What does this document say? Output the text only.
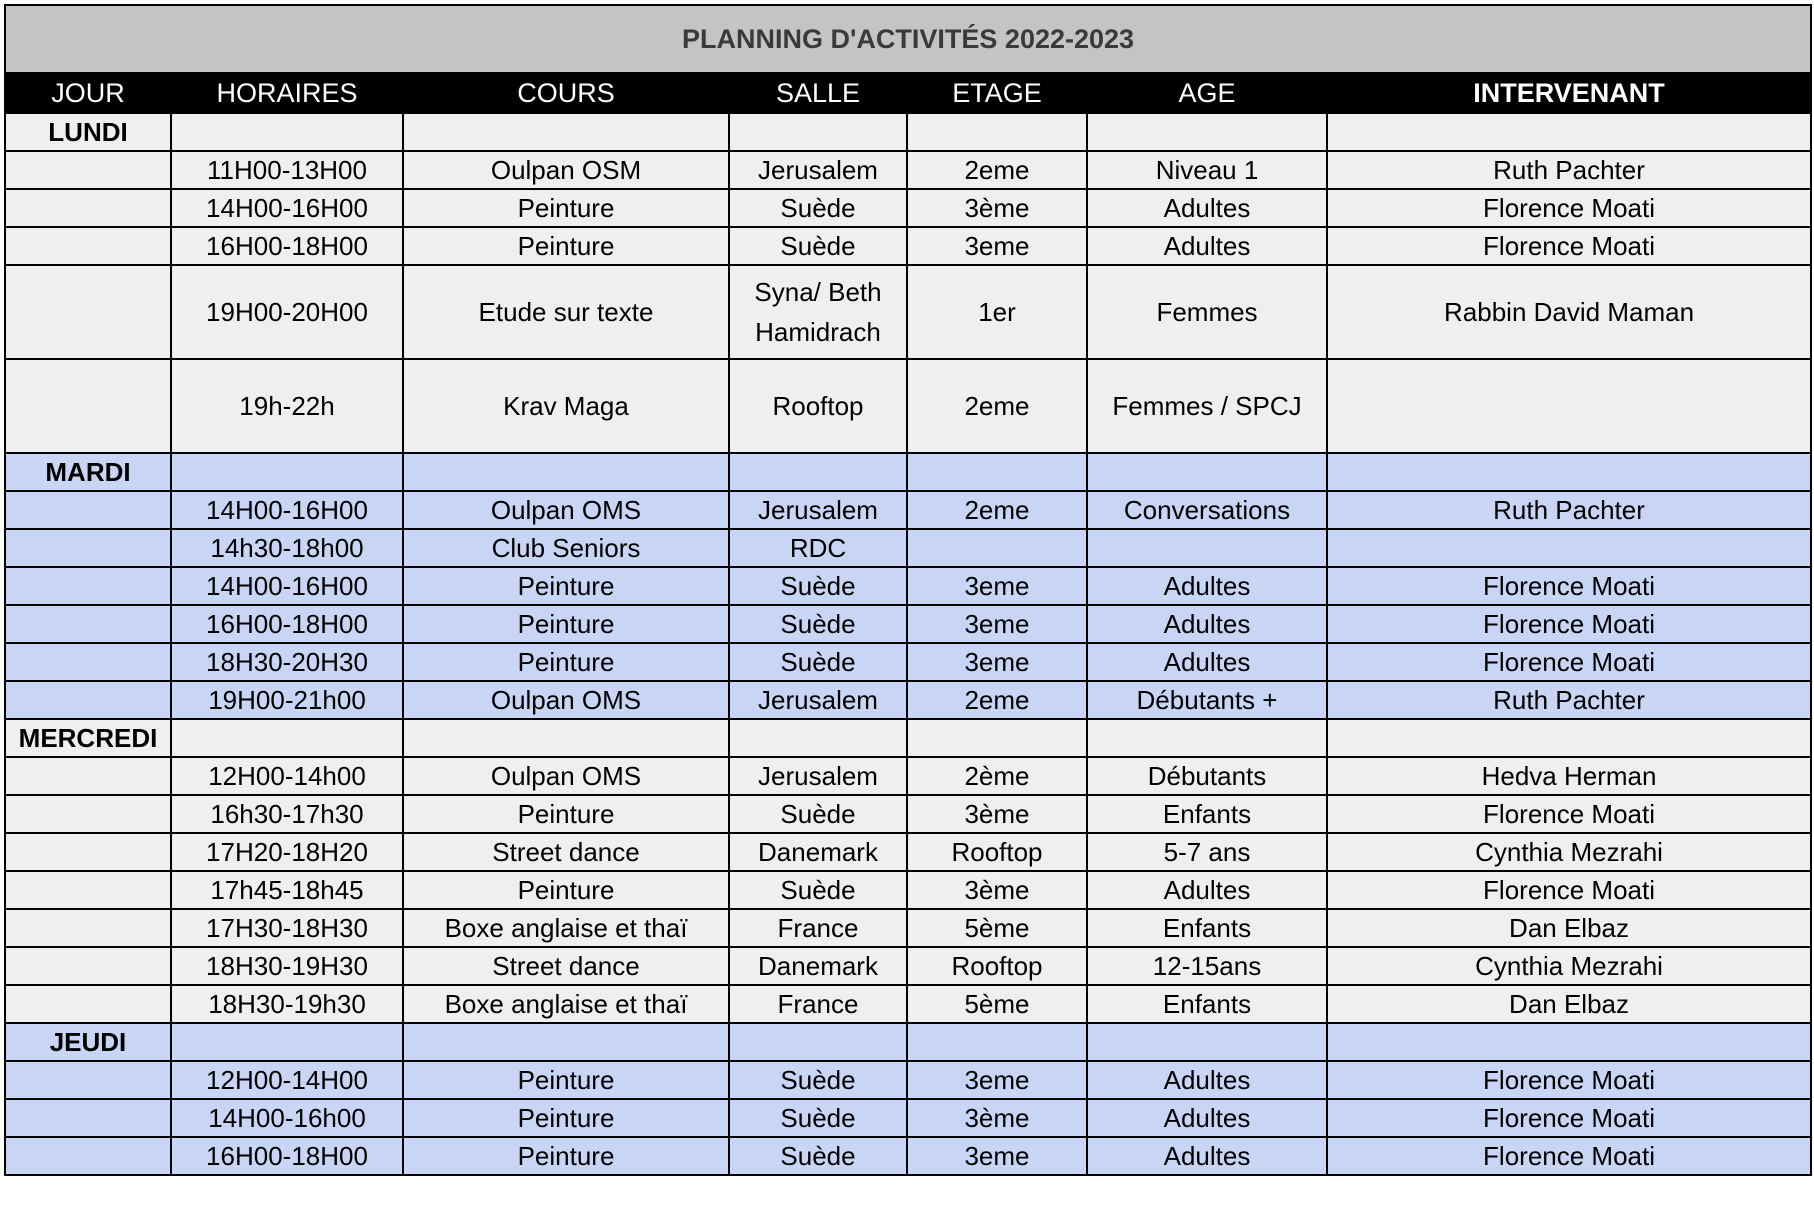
PLANNING D'ACTIVITÉS 2022-2023						
JOUR	HORAIRES	COURS	SALLE	ETAGE	AGE	INTERVENANT
LUNDI						
	11H00-13H00	Oulpan OSM	Jerusalem	2eme	Niveau 1	Ruth Pachter
	14H00-16H00	Peinture	Suède	3ème	Adultes	Florence Moati
	16H00-18H00	Peinture	Suède	3eme	Adultes	Florence Moati
	19H00-20H00	Etude sur texte	Syna/ Beth Hamidrach	1er	Femmes	Rabbin David Maman
	19h-22h	Krav Maga	Rooftop	2eme	Femmes / SPCJ	
MARDI						
	14H00-16H00	Oulpan OMS	Jerusalem	2eme	Conversations	Ruth Pachter
	14h30-18h00	Club Seniors	RDC			
	14H00-16H00	Peinture	Suède	3eme	Adultes	Florence Moati
	16H00-18H00	Peinture	Suède	3eme	Adultes	Florence Moati
	18H30-20H30	Peinture	Suède	3eme	Adultes	Florence Moati
	19H00-21h00	Oulpan OMS	Jerusalem	2eme	Débutants +	Ruth Pachter
MERCREDI						
	12H00-14h00	Oulpan OMS	Jerusalem	2ème	Débutants	Hedva Herman
	16h30-17h30	Peinture	Suède	3ème	Enfants	Florence Moati
	17H20-18H20	Street dance	Danemark	Rooftop	5-7 ans	Cynthia Mezrahi
	17h45-18h45	Peinture	Suède	3ème	Adultes	Florence Moati
	17H30-18H30	Boxe anglaise et thaï	France	5ème	Enfants	Dan Elbaz
	18H30-19H30	Street dance	Danemark	Rooftop	12-15ans	Cynthia Mezrahi
	18H30-19h30	Boxe anglaise et thaï	France	5ème	Enfants	Dan Elbaz
JEUDI						
	12H00-14H00	Peinture	Suède	3eme	Adultes	Florence Moati
	14H00-16h00	Peinture	Suède	3ème	Adultes	Florence Moati
	16H00-18H00	Peinture	Suède	3eme	Adultes	Florence Moati
